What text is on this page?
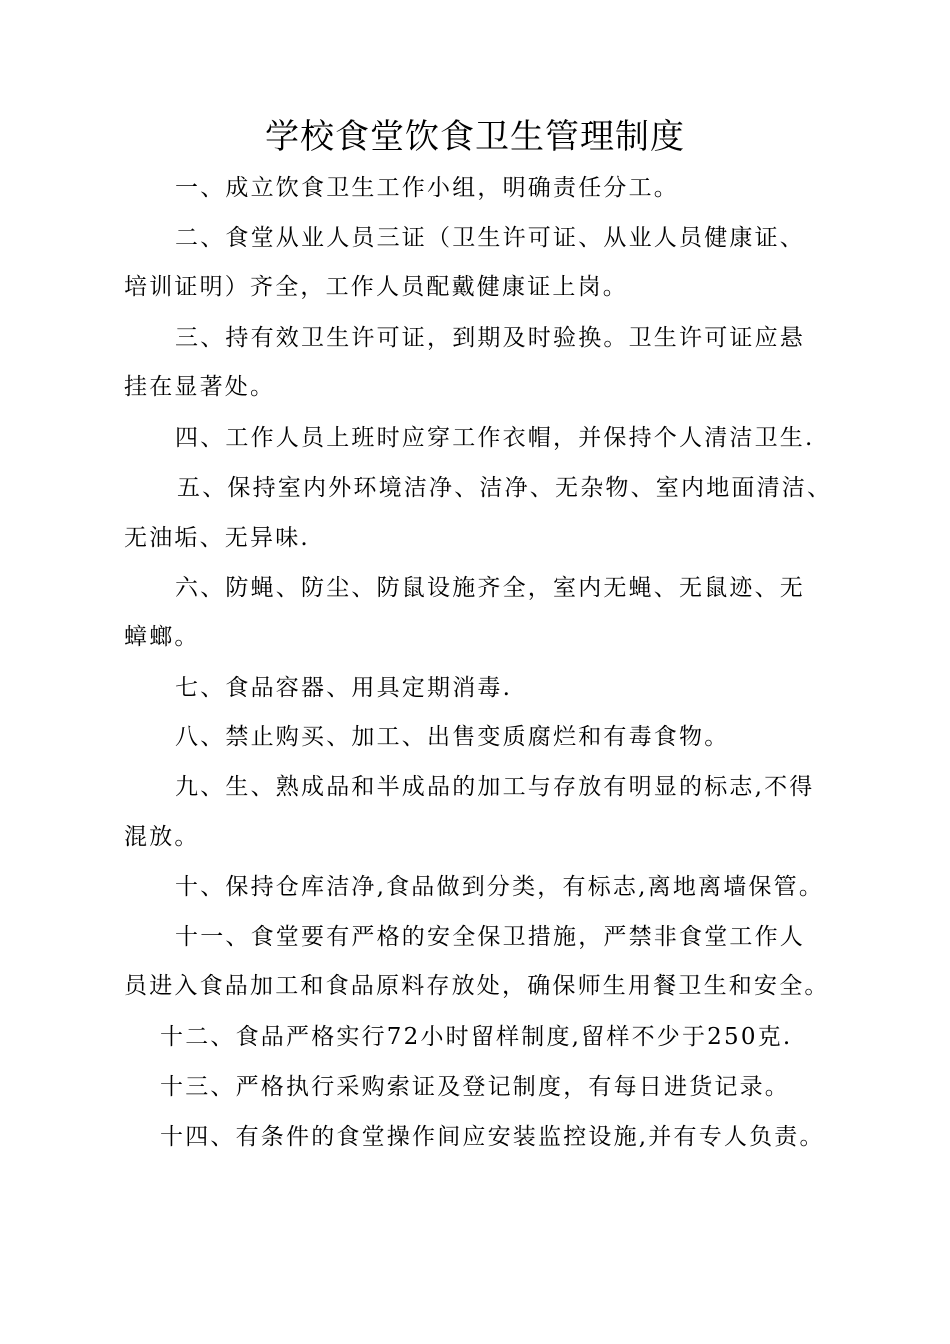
学校食堂饮食卫生管理制度
一、成立饮食卫生工作小组，明确责任分工。
二、食堂从业人员三证（卫生许可证、从业人员健康证、
培训证明）齐全，工作人员配戴健康证上岗。
三、持有效卫生许可证，到期及时验换。卫生许可证应悬
挂在显著处。
四、工作人员上班时应穿工作衣帽，并保持个人清洁卫生.
五、保持室内外环境洁净、洁净、无杂物、室内地面清洁、
无油垢、无异味.
六、防蝇、防尘、防鼠设施齐全，室内无蝇、无鼠迹、无
蟑螂。
七、食品容器、用具定期消毒.
八、禁止购买、加工、出售变质腐烂和有毒食物。
九、生、熟成品和半成品的加工与存放有明显的标志,不得
混放。
十、保持仓库洁净,食品做到分类，有标志,离地离墙保管。
十一、食堂要有严格的安全保卫措施，严禁非食堂工作人
员进入食品加工和食品原料存放处，确保师生用餐卫生和安全。
十二、食品严格实行72小时留样制度,留样不少于250克.
十三、严格执行采购索证及登记制度，有每日进货记录。
十四、有条件的食堂操作间应安装监控设施,并有专人负责。
